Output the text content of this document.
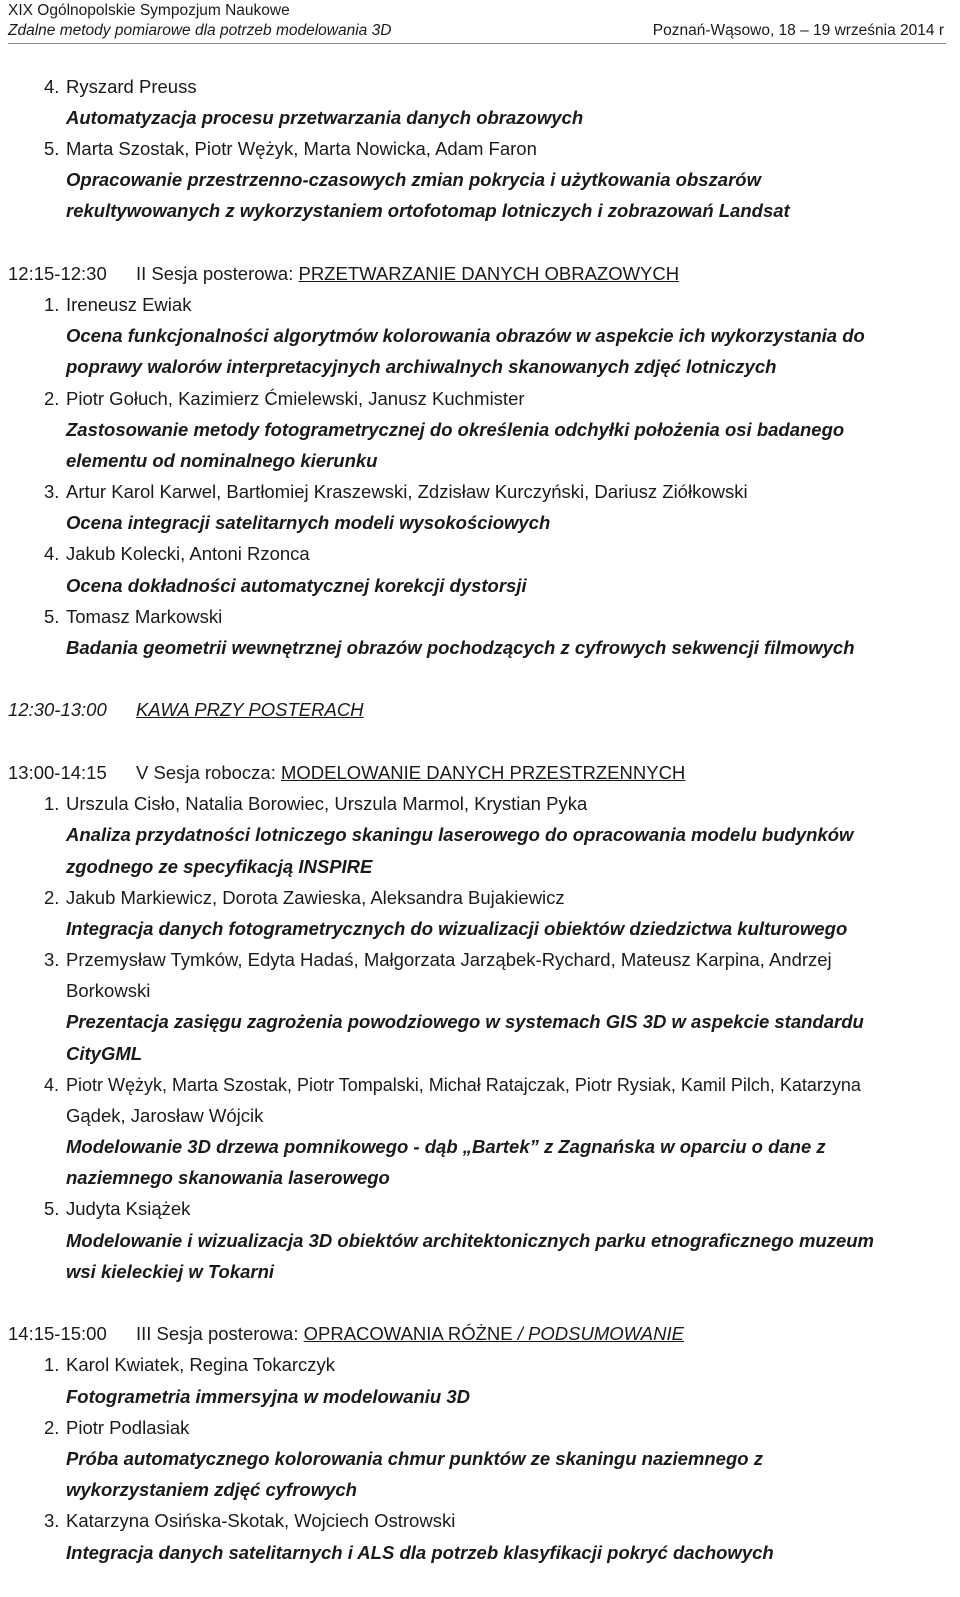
XIX Ogólnopolskie Sympozjum Naukowe
Zdalne metody pomiarowe dla potrzeb modelowania 3D	Poznań-Wąsowo, 18 – 19 września 2014 r
4. Ryszard Preuss
Automatyzacja procesu przetwarzania danych obrazowych
5. Marta Szostak, Piotr Wężyk, Marta Nowicka, Adam Faron
Opracowanie przestrzenno-czasowych zmian pokrycia i użytkowania obszarów
rekultywowanych z wykorzystaniem ortofotomap lotniczych i zobrazowań Landsat
12:15-12:30 II Sesja posterowa: PRZETWARZANIE DANYCH OBRAZOWYCH
1. Ireneusz Ewiak
Ocena funkcjonalności algorytmów kolorowania obrazów w aspekcie ich wykorzystania do
poprawy walorów interpretacyjnych archiwalnych skanowanych zdjęć lotniczych
2. Piotr Gołuch, Kazimierz Ćmielewski, Janusz Kuchmister
Zastosowanie metody fotogrametrycznej do określenia odchyłki położenia osi badanego
elementu od nominalnego kierunku
3. Artur Karol Karwel, Bartłomiej Kraszewski, Zdzisław Kurczyński, Dariusz Ziółkowski
Ocena integracji satelitarnych modeli wysokościowych
4. Jakub Kolecki, Antoni Rzonca
Ocena dokładności automatycznej korekcji dystorsji
5. Tomasz Markowski
Badania geometrii wewnętrznej obrazów pochodzących z cyfrowych sekwencji filmowych
12:30-13:00 KAWA PRZY POSTERACH
13:00-14:15 V Sesja robocza: MODELOWANIE DANYCH PRZESTRZENNYCH
1. Urszula Cisło, Natalia Borowiec, Urszula Marmol, Krystian Pyka
Analiza przydatności lotniczego skaningu laserowego do opracowania modelu budynków
zgodnego ze specyfikacją INSPIRE
2. Jakub Markiewicz, Dorota Zawieska, Aleksandra Bujakiewicz
Integracja danych fotogrametrycznych do wizualizacji obiektów dziedzictwa kulturowego
3. Przemysław Tymków, Edyta Hadaś, Małgorzata Jarząbek-Rychard, Mateusz Karpina, Andrzej
Borkowski
Prezentacja zasięgu zagrożenia powodziowego w systemach GIS 3D w aspekcie standardu
CityGML
4. Piotr Wężyk, Marta Szostak, Piotr Tompalski, Michał Ratajczak, Piotr Rysiak, Kamil Pilch, Katarzyna
Gądek, Jarosław Wójcik
Modelowanie 3D drzewa pomnikowego - dąb „Bartek” z Zagnańska w oparciu o dane z
naziemnego skanowania laserowego
5. Judyta Książek
Modelowanie i wizualizacja 3D obiektów architektonicznych parku etnograficznego muzeum
wsi kieleckiej w Tokarni
14:15-15:00 III Sesja posterowa: OPRACOWANIA RÓŻNE / PODSUMOWANIE
1. Karol Kwiatek, Regina Tokarczyk
Fotogrametria immersyjna w modelowaniu 3D
2. Piotr Podlasiak
Próba automatycznego kolorowania chmur punktów ze skaningu naziemnego z
wykorzystaniem zdjęć cyfrowych
3. Katarzyna Osińska-Skotak, Wojciech Ostrowski
Integracja danych satelitarnych i ALS dla potrzeb klasyfikacji pokryć dachowych
